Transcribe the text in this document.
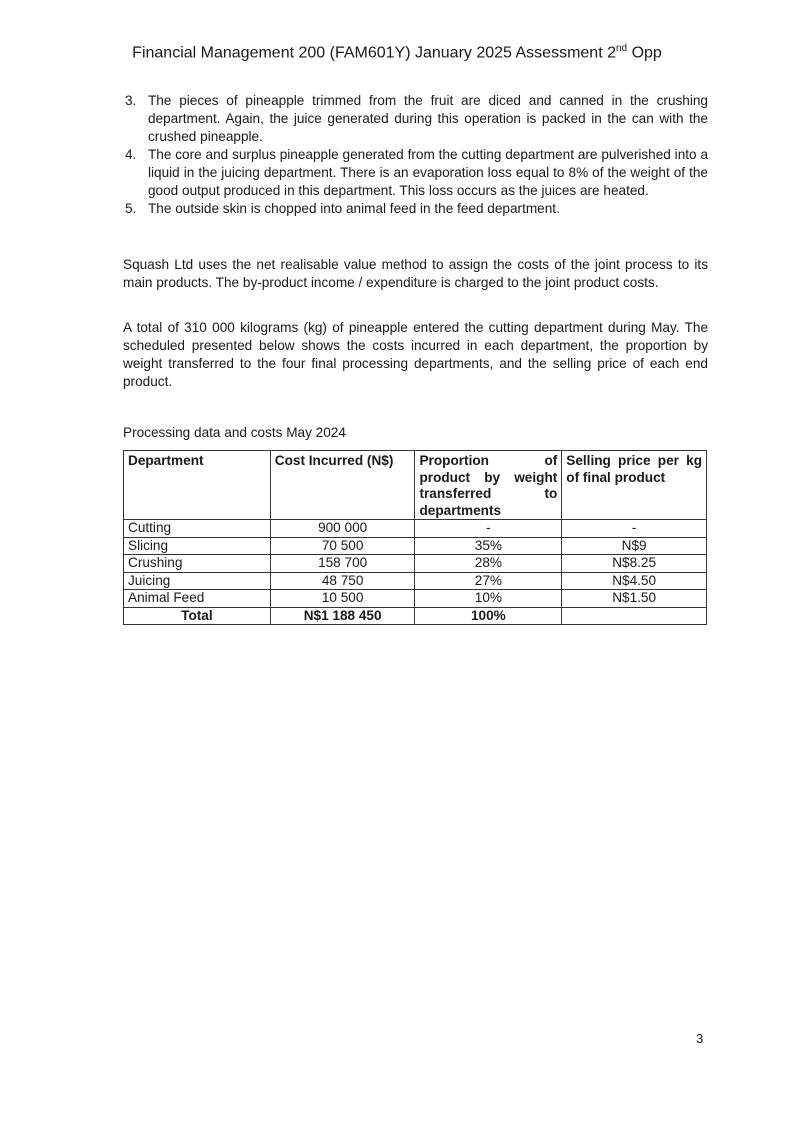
Financial Management 200 (FAM601Y) January 2025 Assessment 2nd Opp
3. The pieces of pineapple trimmed from the fruit are diced and canned in the crushing department. Again, the juice generated during this operation is packed in the can with the crushed pineapple.
4. The core and surplus pineapple generated from the cutting department are pulverished into a liquid in the juicing department. There is an evaporation loss equal to 8% of the weight of the good output produced in this department. This loss occurs as the juices are heated.
5. The outside skin is chopped into animal feed in the feed department.

Squash Ltd uses the net realisable value method to assign the costs of the joint process to its main products. The by-product income / expenditure is charged to the joint product costs.

A total of 310 000 kilograms (kg) of pineapple entered the cutting department during May. The scheduled presented below shows the costs incurred in each department, the proportion by weight transferred to the four final processing departments, and the selling price of each end product.

Processing data and costs May 2024

Department	Cost Incurred (N$)	Proportion of product by weight transferred to departments	Selling price per kg of final product
Cutting	900 000	-	-
Slicing	70 500	35%	N$9
Crushing	158 700	28%	N$8.25
Juicing	48 750	27%	N$4.50
Animal Feed	10 500	10%	N$1.50
Total	N$1 188 450	100%	
3
